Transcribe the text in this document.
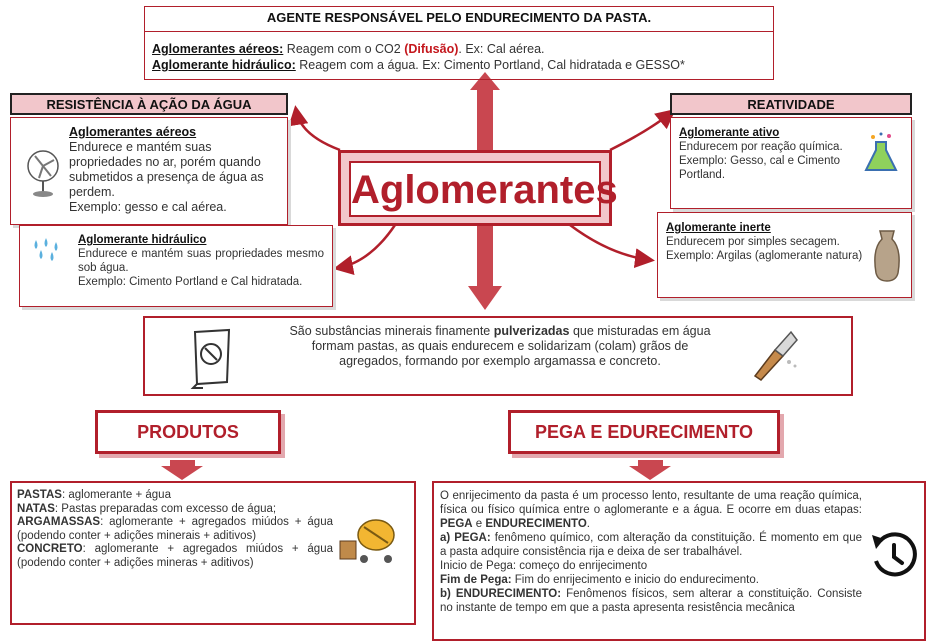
AGENTE RESPONSÁVEL PELO ENDURECIMENTO DA PASTA.

Aglomerantes aéreos: Reagem com o CO2 (Difusão). Ex: Cal aérea.

Aglomerante hidráulico: Reagem com a água. Ex: Cimento Portland, Cal hidratada e GESSO*

Aglomerantes
RESISTÊNCIA À AÇÃO DA ÁGUA

Aglomerantes aéreos

Endurece e mantém suas propriedades no ar, porém quando submetidos a presença de água as perdem.

Exemplo: gesso e cal aérea.

Aglomerante hidráulico

Endurece e mantém suas propriedades mesmo sob água.

Exemplo: Cimento Portland e Cal hidratada.

REATIVIDADE

Aglomerante ativo

Endurecem por reação química.

Exemplo: Gesso, cal e Cimento Portland.

Aglomerante inerte

Endurecem por simples secagem.

Exemplo: Argilas (aglomerante natura)

São substâncias minerais finamente pulverizadas que misturadas em água formam pastas, as quais endurecem e solidarizam (colam) grãos de agregados, formando por exemplo argamassa e concreto.
PRODUTOS	PEGA E EDURECIMENTO

PASTAS: aglomerante + água

NATAS: Pastas preparadas com excesso de água;

ARGAMASSAS: aglomerante + agregados miúdos + água (podendo conter + adições minerais + aditivos)

CONCRETO: aglomerante + agregados miúdos + água (podendo conter + adições mineras + aditivos)

O enrijecimento da pasta é um processo lento, resultante de uma reação química, física ou físico química entre o aglomerante e a água. E ocorre em duas etapas: PEGA e ENDURECIMENTO.

a) PEGA: fenômeno químico, com alteração da constituição. É momento em que a pasta adquire consistência rija e deixa de ser trabalhável.

Inicio de Pega: começo do enrijecimento

Fim de Pega: Fim do enrijecimento e inicio do endurecimento.

b) ENDURECIMENTO: Fenômenos físicos, sem alterar a constituição. Consiste no instante de tempo em que a pasta apresenta resistência mecânica
